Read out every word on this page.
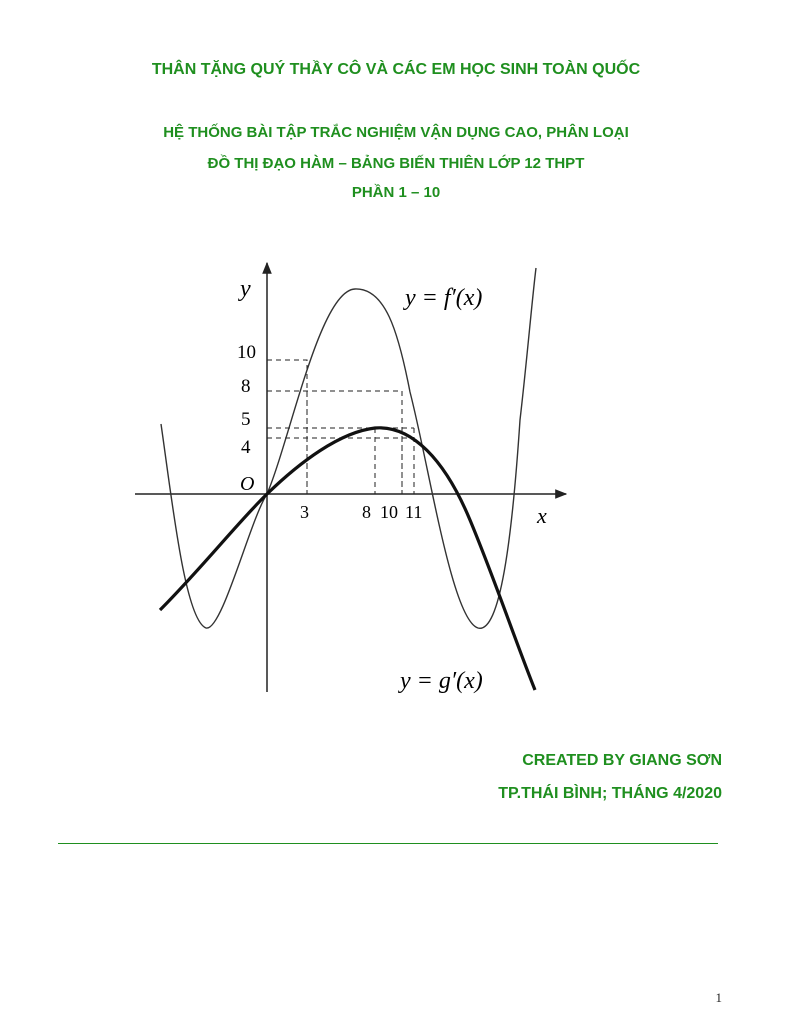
THÂN TẶNG QUÝ THẦY CÔ VÀ CÁC EM HỌC SINH TOÀN QUỐC
HỆ THỐNG BÀI TẬP TRẮC NGHIỆM VẬN DỤNG CAO, PHÂN LOẠI
ĐỒ THỊ ĐẠO HÀM – BẢNG BIẾN THIÊN LỚP 12 THPT
PHẦN 1 – 10
y
x
O
10
8
5
4
3	8 10 11
y = f′(x)
y = g′(x)
CREATED BY GIANG SƠN
TP.THÁI BÌNH; THÁNG 4/2020
1
